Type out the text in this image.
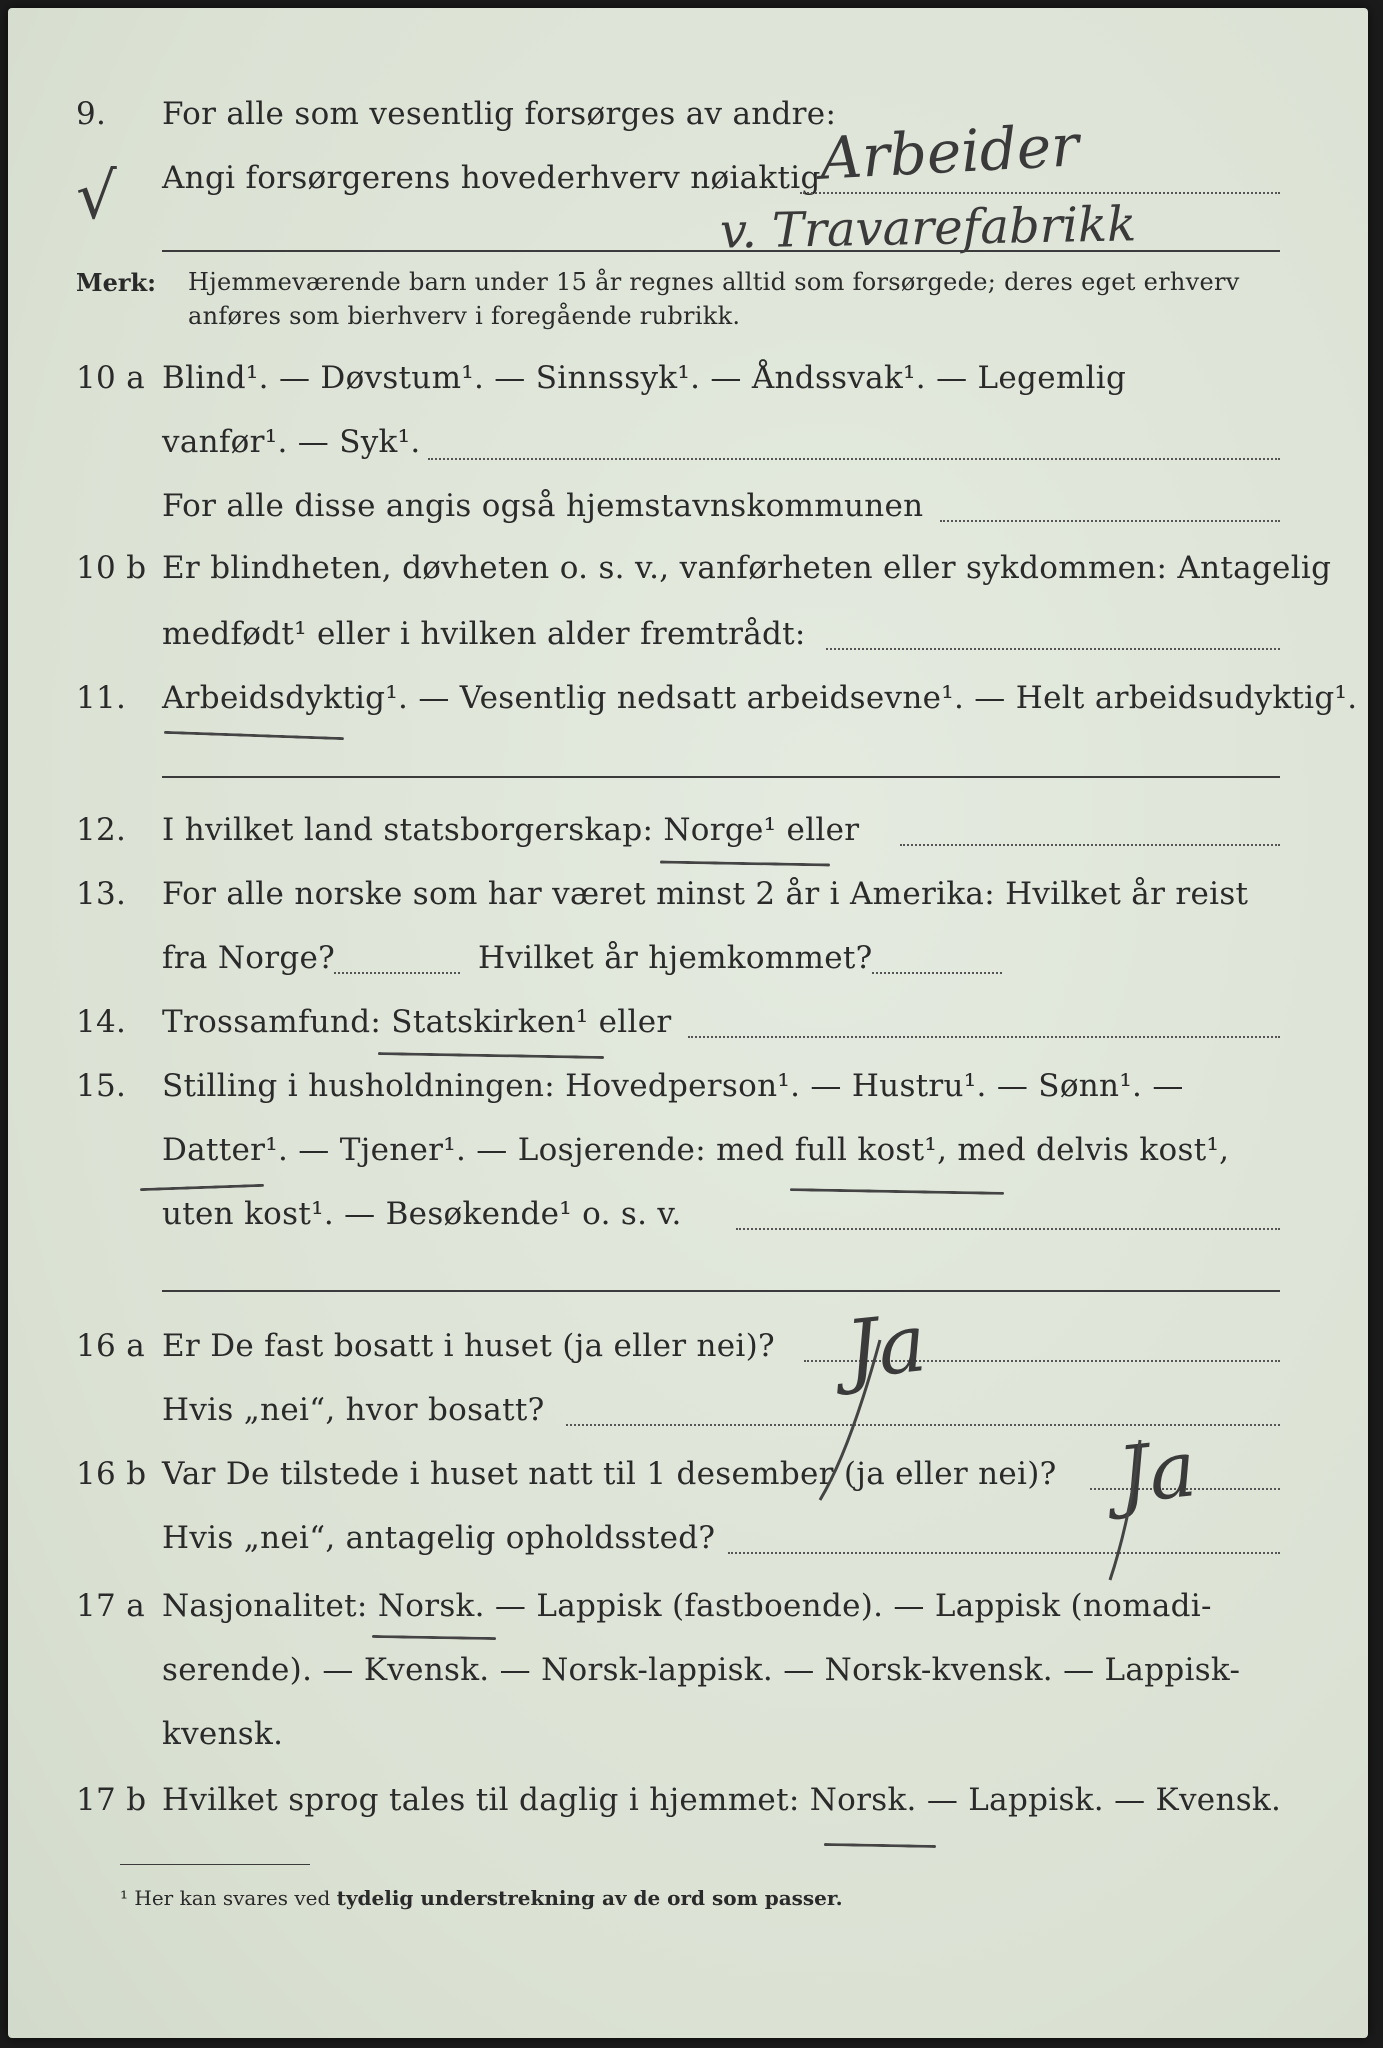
9. For alle som vesentlig forsørges av andre:
Angi forsørgerens hovederhverv nøiaktig
Arbeider
√	v. Travarefabrikk
Merk: Hjemmeværende barn under 15 år regnes alltid som forsørgede; deres eget erhverv
anføres som bierhverv i foregående rubrikk.
10 a Blind¹. — Døvstum¹. — Sinnssyk¹. — Åndssvak¹. — Legemlig
vanfør¹. — Syk¹.
For alle disse angis også hjemstavnskommunen
10 b Er blindheten, døvheten o. s. v., vanførheten eller sykdommen: Antagelig
medfødt¹ eller i hvilken alder fremtrådt:
11. Arbeidsdyktig¹. — Vesentlig nedsatt arbeidsevne¹. — Helt arbeidsudyktig¹.
12. I hvilket land statsborgerskap: Norge¹ eller
13. For alle norske som har været minst 2 år i Amerika: Hvilket år reist
fra Norge?	Hvilket år hjemkommet?
14. Trossamfund: Statskirken¹ eller
15. Stilling i husholdningen: Hovedperson¹. — Hustru¹. — Sønn¹. —
Datter¹. — Tjener¹. — Losjerende: med full kost¹, med delvis kost¹,
uten kost¹. — Besøkende¹ o. s. v.
16 a Er De fast bosatt i huset (ja eller nei)? Ja
Hvis „nei“, hvor bosatt?
16 b Var De tilstede i huset natt til 1 desember (ja eller nei)? Ja
Hvis „nei“, antagelig opholdssted?
17 a Nasjonalitet: Norsk. — Lappisk (fastboende). — Lappisk (nomadi-
serende). — Kvensk. — Norsk-lappisk. — Norsk-kvensk. — Lappisk-
kvensk.
17 b Hvilket sprog tales til daglig i hjemmet: Norsk. — Lappisk. — Kvensk.
¹ Her kan svares ved tydelig understrekning av de ord som passer.
